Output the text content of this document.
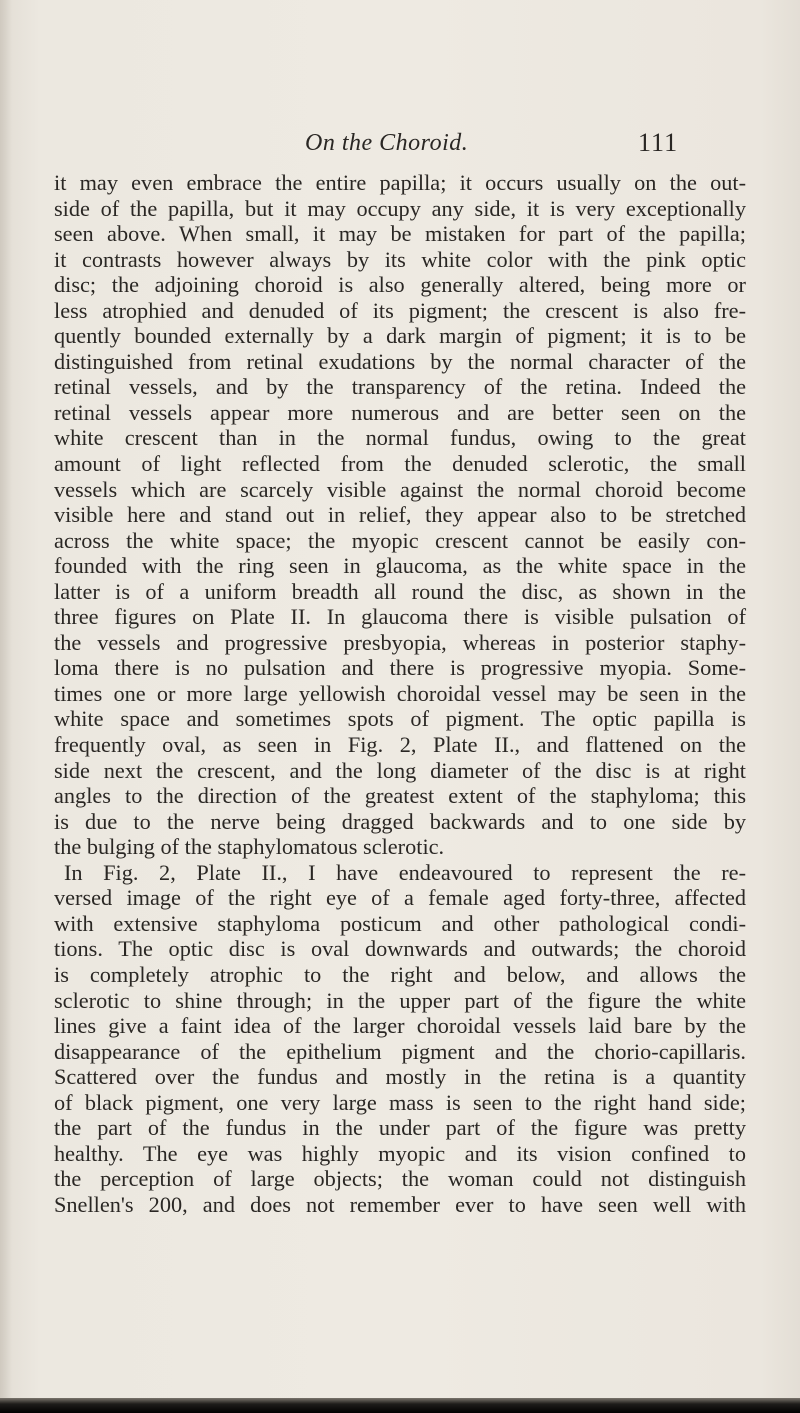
On the Choroid.	111
it may even embrace the entire papilla; it occurs usually on the out-
side of the papilla, but it may occupy any side, it is very exceptionally
seen above. When small, it may be mistaken for part of the papilla;
it contrasts however always by its white color with the pink optic
disc; the adjoining choroid is also generally altered, being more or
less atrophied and denuded of its pigment; the crescent is also fre-
quently bounded externally by a dark margin of pigment; it is to be
distinguished from retinal exudations by the normal character of the
retinal vessels, and by the transparency of the retina. Indeed the
retinal vessels appear more numerous and are better seen on the
white crescent than in the normal fundus, owing to the great
amount of light reflected from the denuded sclerotic, the small
vessels which are scarcely visible against the normal choroid become
visible here and stand out in relief, they appear also to be stretched
across the white space; the myopic crescent cannot be easily con-
founded with the ring seen in glaucoma, as the white space in the
latter is of a uniform breadth all round the disc, as shown in the
three figures on Plate II. In glaucoma there is visible pulsation of
the vessels and progressive presbyopia, whereas in posterior staphy-
loma there is no pulsation and there is progressive myopia. Some-
times one or more large yellowish choroidal vessel may be seen in the
white space and sometimes spots of pigment. The optic papilla is
frequently oval, as seen in Fig. 2, Plate II., and flattened on the
side next the crescent, and the long diameter of the disc is at right
angles to the direction of the greatest extent of the staphyloma; this
is due to the nerve being dragged backwards and to one side by
the bulging of the staphylomatous sclerotic.
In Fig. 2, Plate II., I have endeavoured to represent the re-
versed image of the right eye of a female aged forty-three, affected
with extensive staphyloma posticum and other pathological condi-
tions. The optic disc is oval downwards and outwards; the choroid
is completely atrophic to the right and below, and allows the
sclerotic to shine through; in the upper part of the figure the white
lines give a faint idea of the larger choroidal vessels laid bare by the
disappearance of the epithelium pigment and the chorio-capillaris.
Scattered over the fundus and mostly in the retina is a quantity
of black pigment, one very large mass is seen to the right hand side;
the part of the fundus in the under part of the figure was pretty
healthy. The eye was highly myopic and its vision confined to
the perception of large objects; the woman could not distinguish
Snellen's 200, and does not remember ever to have seen well with
